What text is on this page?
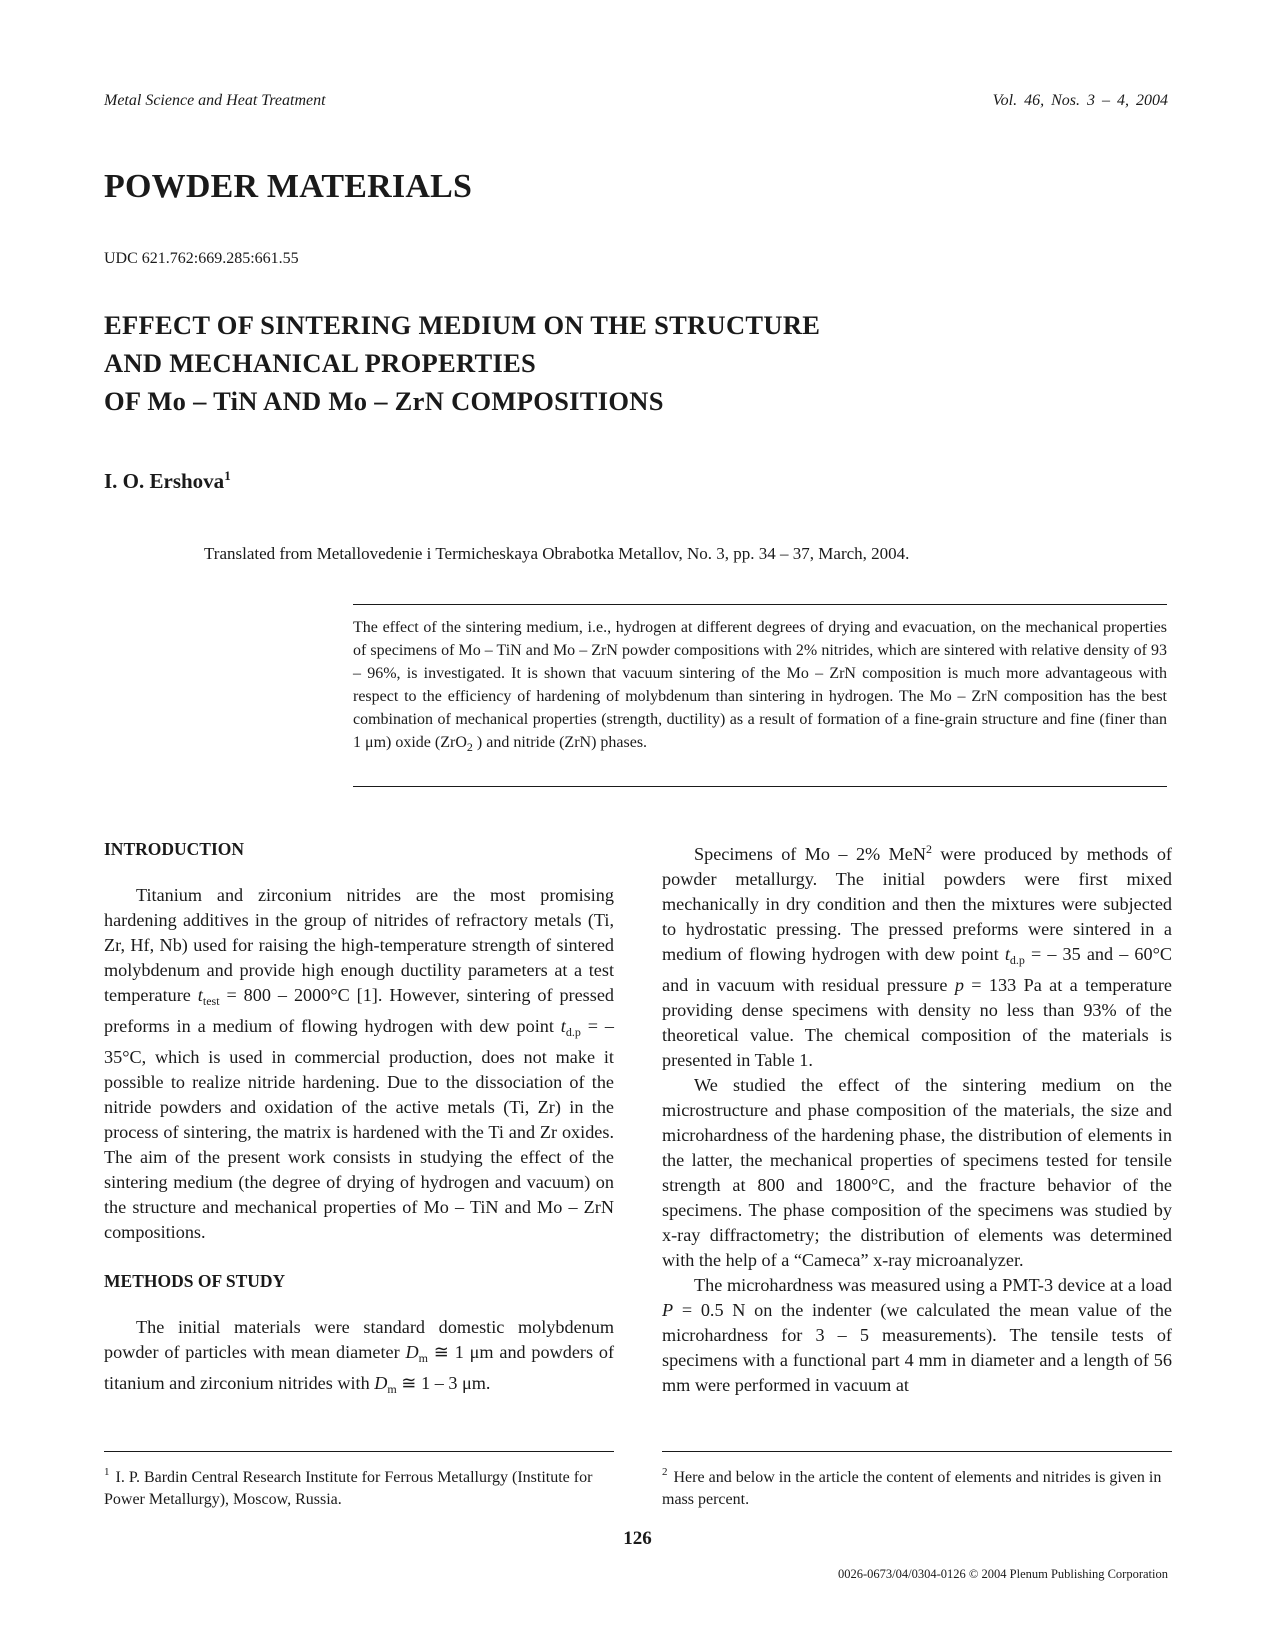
Metal Science and Heat Treatment	Vol. 46, Nos. 3 – 4, 2004
POWDER MATERIALS
UDC 621.762:669.285:661.55
EFFECT OF SINTERING MEDIUM ON THE STRUCTURE
AND MECHANICAL PROPERTIES
OF Mo – TiN AND Mo – ZrN COMPOSITIONS
I. O. Ershova$^1$
Translated from Metallovedenie i Termicheskaya Obrabotka Metallov, No. 3, pp. 34 – 37, March, 2004.
The effect of the sintering medium, i.e., hydrogen at different degrees of drying and evacuation, on the mechanical properties of specimens of Mo – TiN and Mo – ZrN powder compositions with 2% nitrides, which are sintered with relative density of 93 – 96%, is investigated. It is shown that vacuum sintering of the Mo – ZrN composition is much more advantageous with respect to the efficiency of hardening of molybdenum than sintering in hydrogen. The Mo – ZrN composition has the best combination of mechanical properties (strength, ductility) as a result of formation of a fine-grain structure and fine (finer than 1 μm) oxide (ZrO$_2$ ) and nitride (ZrN) phases.
INTRODUCTION

Titanium and zirconium nitrides are the most promising hardening additives in the group of nitrides of refractory metals (Ti, Zr, Hf, Nb) used for raising the high-temperature strength of sintered molybdenum and provide high enough ductility parameters at a test temperature $t_{test} = 800 - 2000^\circ C$ [1]. However, sintering of pressed preforms in a medium of flowing hydrogen with dew point $t_{d.p}$ = – 35°C, which is used in commercial production, does not make it possible to realize nitride hardening. Due to the dissociation of the nitride powders and oxidation of the active metals (Ti, Zr) in the process of sintering, the matrix is hardened with the Ti and Zr oxides. The aim of the present work consists in studying the effect of the sintering medium (the degree of drying of hydrogen and vacuum) on the structure and mechanical properties of Mo – TiN and Mo – ZrN compositions.

METHODS OF STUDY

The initial materials were standard domestic molybdenum powder of particles with mean diameter $D_m$ ≅ 1 μm and powders of titanium and zirconium nitrides with $D_m$ ≅ 1 – 3 μm.

Specimens of Mo – 2% MeN$^2$ were produced by methods of powder metallurgy. The initial powders were first mixed mechanically in dry condition and then the mixtures were subjected to hydrostatic pressing. The pressed preforms were sintered in a medium of flowing hydrogen with dew point $t_{d.p}$ = – 35 and – 60°C and in vacuum with residual pressure p = 133 Pa at a temperature providing dense specimens with density no less than 93% of the theoretical value. The chemical composition of the materials is presented in Table 1.

We studied the effect of the sintering medium on the microstructure and phase composition of the materials, the size and microhardness of the hardening phase, the distribution of elements in the latter, the mechanical properties of specimens tested for tensile strength at 800 and 1800°C, and the fracture behavior of the specimens. The phase composition of the specimens was studied by x-ray diffractometry; the distribution of elements was determined with the help of a “Cameca” x-ray microanalyzer.

The microhardness was measured using a PMT-3 device at a load P = 0.5 N on the indenter (we calculated the mean value of the microhardness for 3 – 5 measurements). The tensile tests of specimens with a functional part 4 mm in diameter and a length of 56 mm were performed in vacuum at

$^1$ I. P. Bardin Central Research Institute for Ferrous Metallurgy (Institute for Power Metallurgy), Moscow, Russia.
$^2$ Here and below in the article the content of elements and nitrides is given in mass percent.
126
0026-0673/04/0304-0126 © 2004 Plenum Publishing Corporation
